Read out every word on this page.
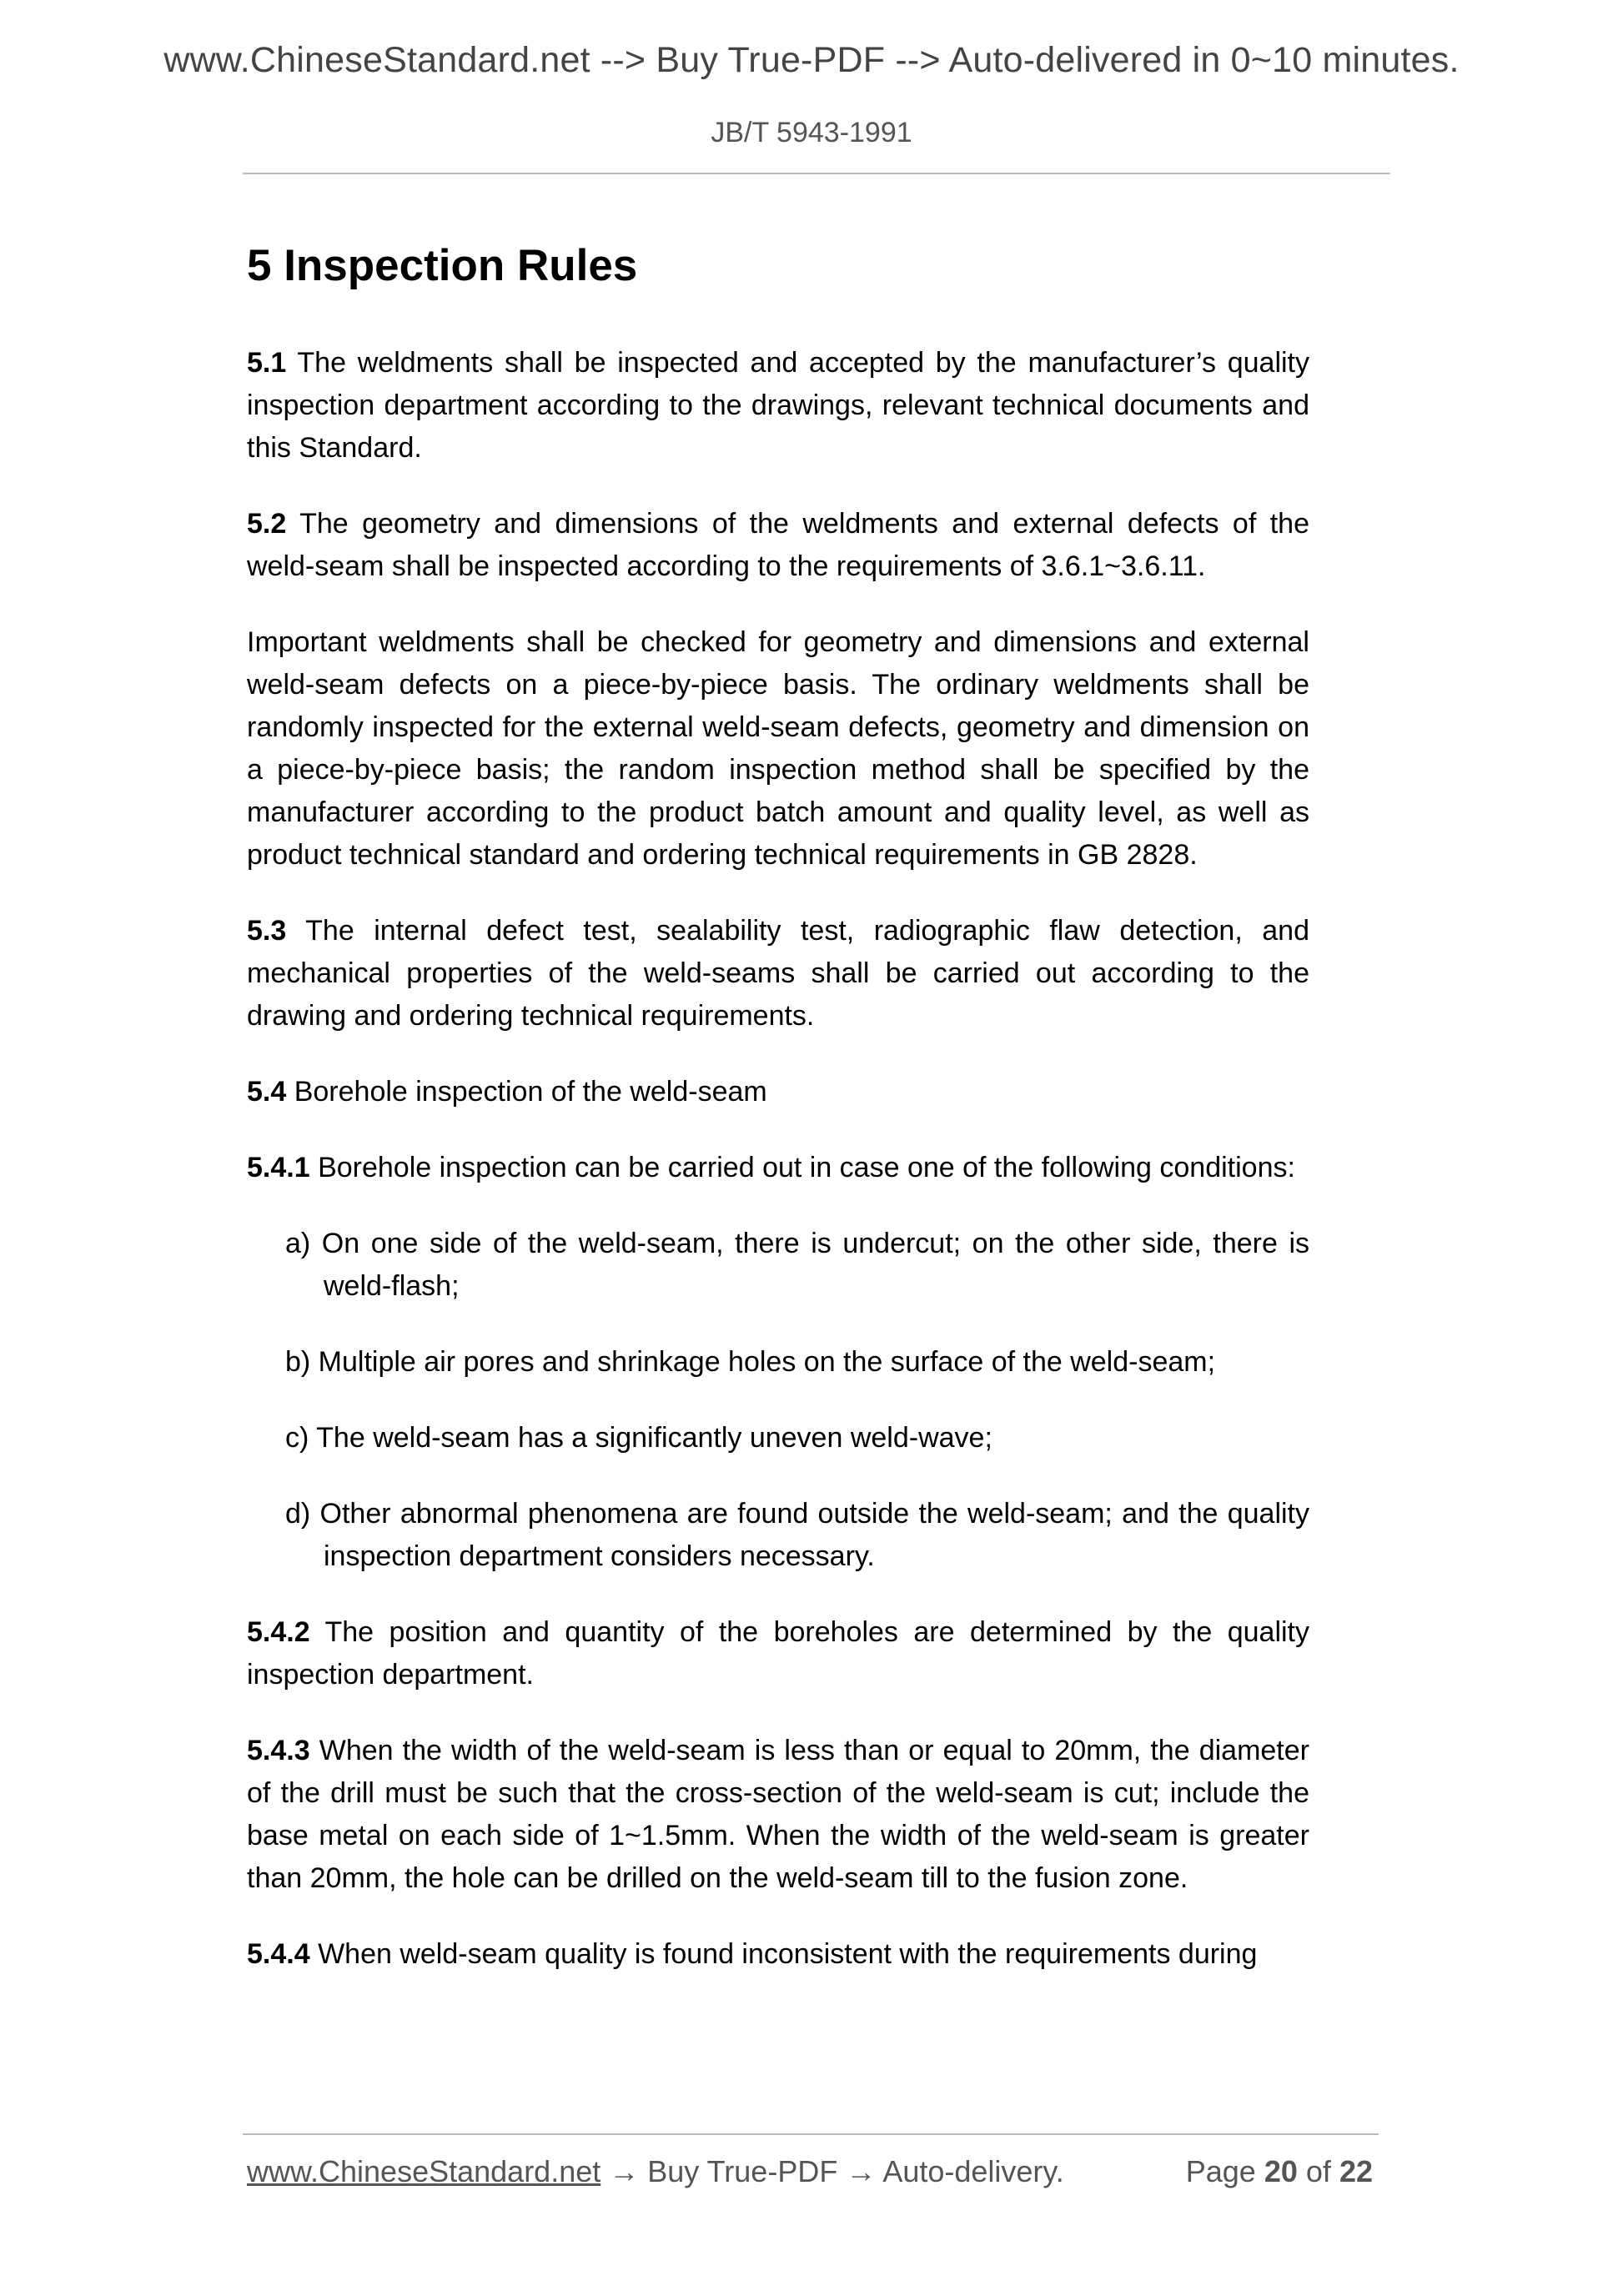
www.ChineseStandard.net --> Buy True-PDF --> Auto-delivered in 0~10 minutes.
JB/T 5943-1991
5 Inspection Rules

5.1 The weldments shall be inspected and accepted by the manufacturer’s quality inspection department according to the drawings, relevant technical documents and this Standard.

5.2 The geometry and dimensions of the weldments and external defects of the weld-seam shall be inspected according to the requirements of 3.6.1~3.6.11.

Important weldments shall be checked for geometry and dimensions and external weld-seam defects on a piece-by-piece basis. The ordinary weldments shall be randomly inspected for the external weld-seam defects, geometry and dimension on a piece-by-piece basis; the random inspection method shall be specified by the manufacturer according to the product batch amount and quality level, as well as product technical standard and ordering technical requirements in GB 2828.

5.3 The internal defect test, sealability test, radiographic flaw detection, and mechanical properties of the weld-seams shall be carried out according to the drawing and ordering technical requirements.

5.4 Borehole inspection of the weld-seam

5.4.1 Borehole inspection can be carried out in case one of the following conditions:

a) On one side of the weld-seam, there is undercut; on the other side, there is weld-flash;

b) Multiple air pores and shrinkage holes on the surface of the weld-seam;

c) The weld-seam has a significantly uneven weld-wave;

d) Other abnormal phenomena are found outside the weld-seam; and the quality inspection department considers necessary.

5.4.2 The position and quantity of the boreholes are determined by the quality inspection department.

5.4.3 When the width of the weld-seam is less than or equal to 20mm, the diameter of the drill must be such that the cross-section of the weld-seam is cut; include the base metal on each side of 1~1.5mm. When the width of the weld-seam is greater than 20mm, the hole can be drilled on the weld-seam till to the fusion zone.

5.4.4 When weld-seam quality is found inconsistent with the requirements during

www.ChineseStandard.net → Buy True-PDF → Auto-delivery.	Page 20 of 22
